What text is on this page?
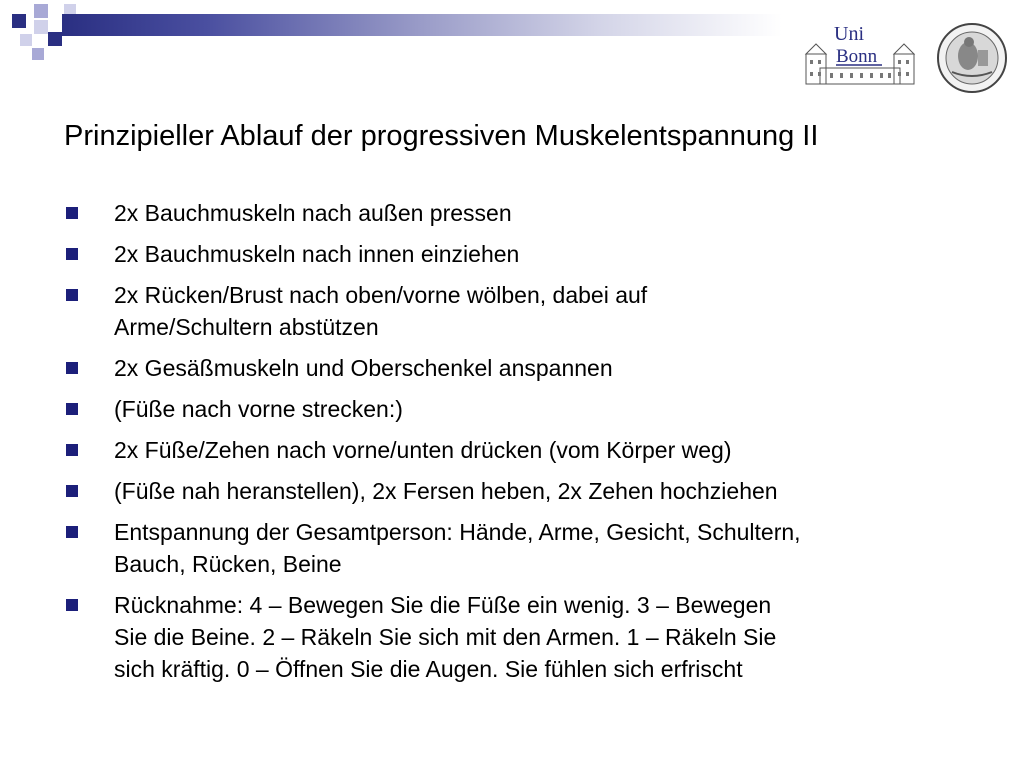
Uni
Bonn
Prinzipieller Ablauf der progressiven Muskelentspannung II
2x Bauchmuskeln nach außen pressen
2x Bauchmuskeln nach innen einziehen
2x Rücken/Brust nach oben/vorne wölben, dabei auf
Arme/Schultern abstützen
2x Gesäßmuskeln und Oberschenkel anspannen
(Füße nach vorne strecken:)
2x Füße/Zehen nach vorne/unten drücken (vom Körper weg)
(Füße nah heranstellen), 2x Fersen heben, 2x Zehen hochziehen
Entspannung der Gesamtperson: Hände, Arme, Gesicht, Schultern,
Bauch, Rücken, Beine
Rücknahme: 4 – Bewegen Sie die Füße ein wenig. 3 – Bewegen
Sie die Beine. 2 – Räkeln Sie sich mit den Armen. 1 – Räkeln Sie
sich kräftig. 0 – Öffnen Sie die Augen. Sie fühlen sich erfrischt
